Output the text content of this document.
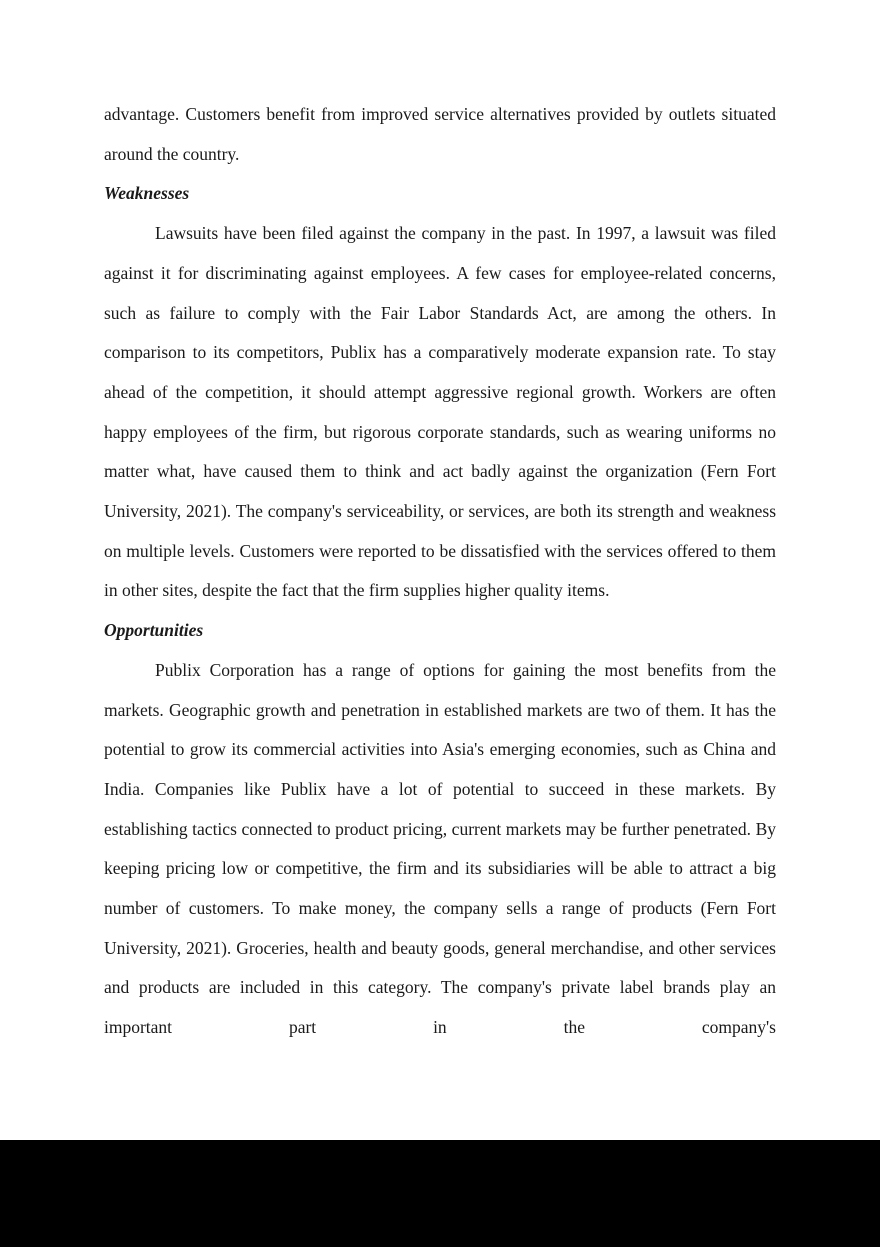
advantage. Customers benefit from improved service alternatives provided by outlets situated around the country.

Weaknesses

Lawsuits have been filed against the company in the past. In 1997, a lawsuit was filed against it for discriminating against employees. A few cases for employee-related concerns, such as failure to comply with the Fair Labor Standards Act, are among the others. In comparison to its competitors, Publix has a comparatively moderate expansion rate. To stay ahead of the competition, it should attempt aggressive regional growth. Workers are often happy employees of the firm, but rigorous corporate standards, such as wearing uniforms no matter what, have caused them to think and act badly against the organization (Fern Fort University, 2021). The company's serviceability, or services, are both its strength and weakness on multiple levels. Customers were reported to be dissatisfied with the services offered to them in other sites, despite the fact that the firm supplies higher quality items.

Opportunities

Publix Corporation has a range of options for gaining the most benefits from the markets. Geographic growth and penetration in established markets are two of them. It has the potential to grow its commercial activities into Asia's emerging economies, such as China and India. Companies like Publix have a lot of potential to succeed in these markets. By establishing tactics connected to product pricing, current markets may be further penetrated. By keeping pricing low or competitive, the firm and its subsidiaries will be able to attract a big number of customers. To make money, the company sells a range of products (Fern Fort University, 2021). Groceries, health and beauty goods, general merchandise, and other services and products are included in this category. The company's private label brands play an important part in the company's
